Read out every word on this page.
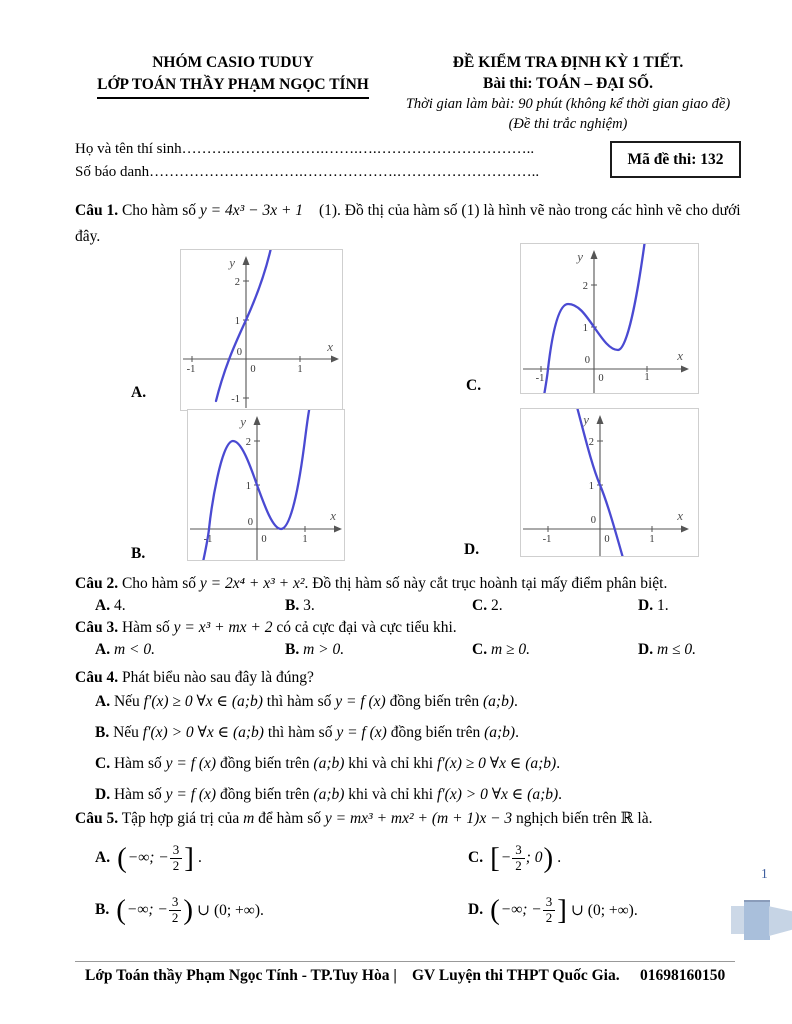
NHÓM CASIO TUDUY
LỚP TOÁN THẦY PHẠM NGỌC TÍNH
ĐỀ KIỂM TRA ĐỊNH KỲ 1 TIẾT.
Bài thi: TOÁN – ĐẠI SỐ.
Thời gian làm bài: 90 phút (không kể thời gian giao đề)
(Đề thi trắc nghiệm)
Họ và tên thí sinh……….……………….…….….…………………………..
Số báo danh………………………….……………….………………………..
Mã đề thi: 132
Câu 1. Cho hàm số y = 4x³ − 3x + 1 (1). Đồ thị của hàm số (1) là hình vẽ nào trong các hình vẽ cho dưới đây.
-1	0	1
2
1
0
-1
y
x
A.
-1	0	1
2
1
0
y
x
C.
-1	0	1
2
1
0
y
x
B.
-1	0	1
2
1
0
y
x
D.
Câu 2. Cho hàm số y = 2x⁴ + x³ + x². Đồ thị hàm số này cắt trục hoành tại mấy điểm phân biệt.
A. 4.	B. 3.	C. 2.	D. 1.
Câu 3. Hàm số y = x³ + mx + 2 có cả cực đại và cực tiểu khi.
A. m < 0.	B. m > 0.	C. m ≥ 0.	D. m ≤ 0.
Câu 4. Phát biểu nào sau đây là đúng?
A. Nếu f′(x) ≥ 0 ∀x ∈ (a;b) thì hàm số y = f (x) đồng biến trên (a;b).
B. Nếu f′(x) > 0 ∀x ∈ (a;b) thì hàm số y = f (x) đồng biến trên (a;b).
C. Hàm số y = f (x) đồng biến trên (a;b) khi và chỉ khi f′(x) ≥ 0 ∀x ∈ (a;b).
D. Hàm số y = f (x) đồng biến trên (a;b) khi và chỉ khi f′(x) > 0 ∀x ∈ (a;b).
Câu 5. Tập hợp giá trị của m để hàm số y = mx³ + mx² + (m + 1)x − 3 nghịch biến trên ℝ là.
A. ( −∞; − $\frac{3}{2}$ ] .	C. [ − $\frac{3}{2}$ ; 0 ) .
B. ( −∞; − $\frac{3}{2}$ ) ∪ (0; +∞).	D. ( −∞; − $\frac{3}{2}$ ] ∪ (0; +∞).
1
Lớp Toán thầy Phạm Ngọc Tính - TP.Tuy Hòa | GV Luyện thi THPT Quốc Gia. 01698160150
